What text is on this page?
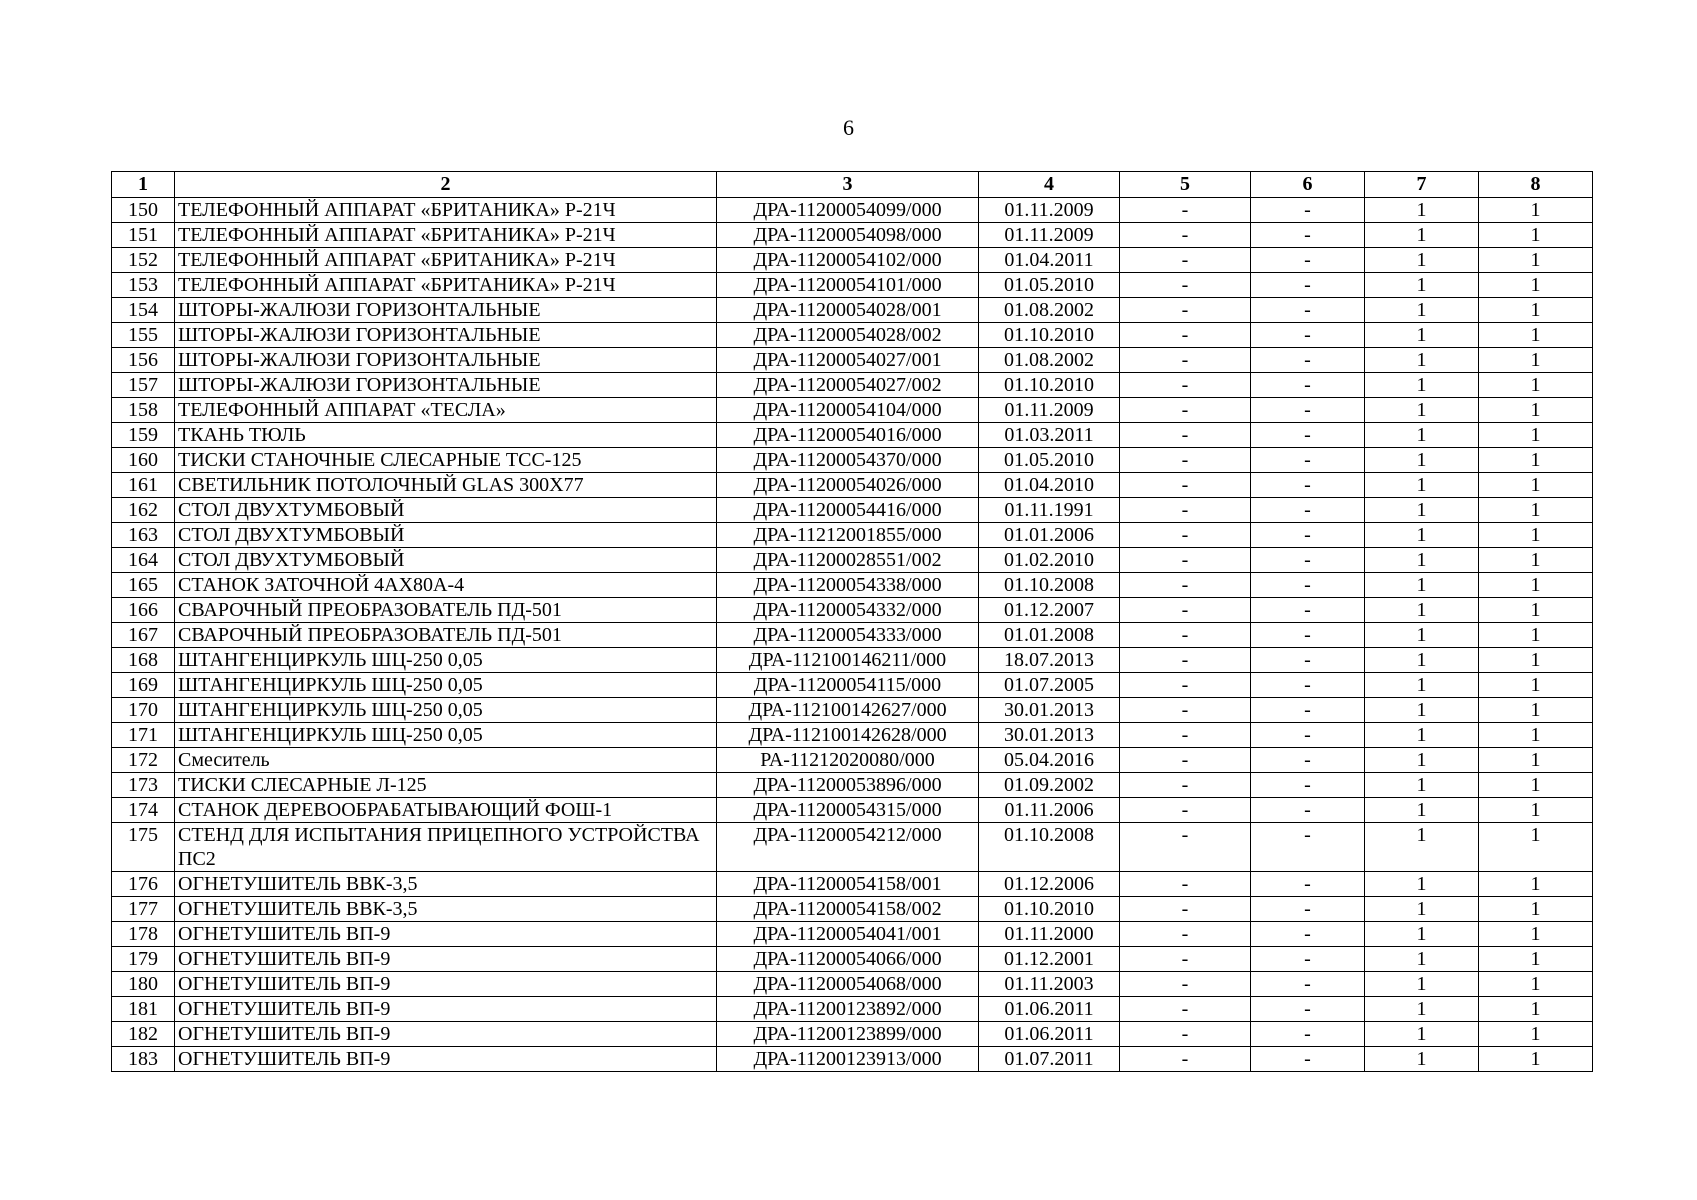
6
1	2	3	4	5	6	7	8
150	ТЕЛЕФОННЫЙ АППАРАТ «БРИТАНИКА» Р-21Ч	ДРА-11200054099/000	01.11.2009	-	-	1	1
151	ТЕЛЕФОННЫЙ АППАРАТ «БРИТАНИКА» Р-21Ч	ДРА-11200054098/000	01.11.2009	-	-	1	1
152	ТЕЛЕФОННЫЙ АППАРАТ «БРИТАНИКА» Р-21Ч	ДРА-11200054102/000	01.04.2011	-	-	1	1
153	ТЕЛЕФОННЫЙ АППАРАТ «БРИТАНИКА» Р-21Ч	ДРА-11200054101/000	01.05.2010	-	-	1	1
154	ШТОРЫ-ЖАЛЮЗИ ГОРИЗОНТАЛЬНЫЕ	ДРА-11200054028/001	01.08.2002	-	-	1	1
155	ШТОРЫ-ЖАЛЮЗИ ГОРИЗОНТАЛЬНЫЕ	ДРА-11200054028/002	01.10.2010	-	-	1	1
156	ШТОРЫ-ЖАЛЮЗИ ГОРИЗОНТАЛЬНЫЕ	ДРА-11200054027/001	01.08.2002	-	-	1	1
157	ШТОРЫ-ЖАЛЮЗИ ГОРИЗОНТАЛЬНЫЕ	ДРА-11200054027/002	01.10.2010	-	-	1	1
158	ТЕЛЕФОННЫЙ АППАРАТ «ТЕСЛА»	ДРА-11200054104/000	01.11.2009	-	-	1	1
159	ТКАНЬ ТЮЛЬ	ДРА-11200054016/000	01.03.2011	-	-	1	1
160	ТИСКИ СТАНОЧНЫЕ СЛЕСАРНЫЕ ТСС-125	ДРА-11200054370/000	01.05.2010	-	-	1	1
161	СВЕТИЛЬНИК ПОТОЛОЧНЫЙ GLAS 300Х77	ДРА-11200054026/000	01.04.2010	-	-	1	1
162	СТОЛ ДВУХТУМБОВЫЙ	ДРА-11200054416/000	01.11.1991	-	-	1	1
163	СТОЛ ДВУХТУМБОВЫЙ	ДРА-11212001855/000	01.01.2006	-	-	1	1
164	СТОЛ ДВУХТУМБОВЫЙ	ДРА-11200028551/002	01.02.2010	-	-	1	1
165	СТАНОК ЗАТОЧНОЙ 4АХ80А-4	ДРА-11200054338/000	01.10.2008	-	-	1	1
166	СВАРОЧНЫЙ ПРЕОБРАЗОВАТЕЛЬ ПД-501	ДРА-11200054332/000	01.12.2007	-	-	1	1
167	СВАРОЧНЫЙ ПРЕОБРАЗОВАТЕЛЬ ПД-501	ДРА-11200054333/000	01.01.2008	-	-	1	1
168	ШТАНГЕНЦИРКУЛЬ ШЦ-250 0,05	ДРА-112100146211/000	18.07.2013	-	-	1	1
169	ШТАНГЕНЦИРКУЛЬ ШЦ-250 0,05	ДРА-11200054115/000	01.07.2005	-	-	1	1
170	ШТАНГЕНЦИРКУЛЬ ШЦ-250 0,05	ДРА-112100142627/000	30.01.2013	-	-	1	1
171	ШТАНГЕНЦИРКУЛЬ ШЦ-250 0,05	ДРА-112100142628/000	30.01.2013	-	-	1	1
172	Смеситель	РА-11212020080/000	05.04.2016	-	-	1	1
173	ТИСКИ СЛЕСАРНЫЕ Л-125	ДРА-11200053896/000	01.09.2002	-	-	1	1
174	СТАНОК ДЕРЕВООБРАБАТЫВАЮЩИЙ ФОШ-1	ДРА-11200054315/000	01.11.2006	-	-	1	1
175	СТЕНД ДЛЯ ИСПЫТАНИЯ ПРИЦЕПНОГО УСТРОЙСТВА ПС2	ДРА-11200054212/000	01.10.2008	-	-	1	1
176	ОГНЕТУШИТЕЛЬ ВВК-3,5	ДРА-11200054158/001	01.12.2006	-	-	1	1
177	ОГНЕТУШИТЕЛЬ ВВК-3,5	ДРА-11200054158/002	01.10.2010	-	-	1	1
178	ОГНЕТУШИТЕЛЬ ВП-9	ДРА-11200054041/001	01.11.2000	-	-	1	1
179	ОГНЕТУШИТЕЛЬ ВП-9	ДРА-11200054066/000	01.12.2001	-	-	1	1
180	ОГНЕТУШИТЕЛЬ ВП-9	ДРА-11200054068/000	01.11.2003	-	-	1	1
181	ОГНЕТУШИТЕЛЬ ВП-9	ДРА-11200123892/000	01.06.2011	-	-	1	1
182	ОГНЕТУШИТЕЛЬ ВП-9	ДРА-11200123899/000	01.06.2011	-	-	1	1
183	ОГНЕТУШИТЕЛЬ ВП-9	ДРА-11200123913/000	01.07.2011	-	-	1	1
